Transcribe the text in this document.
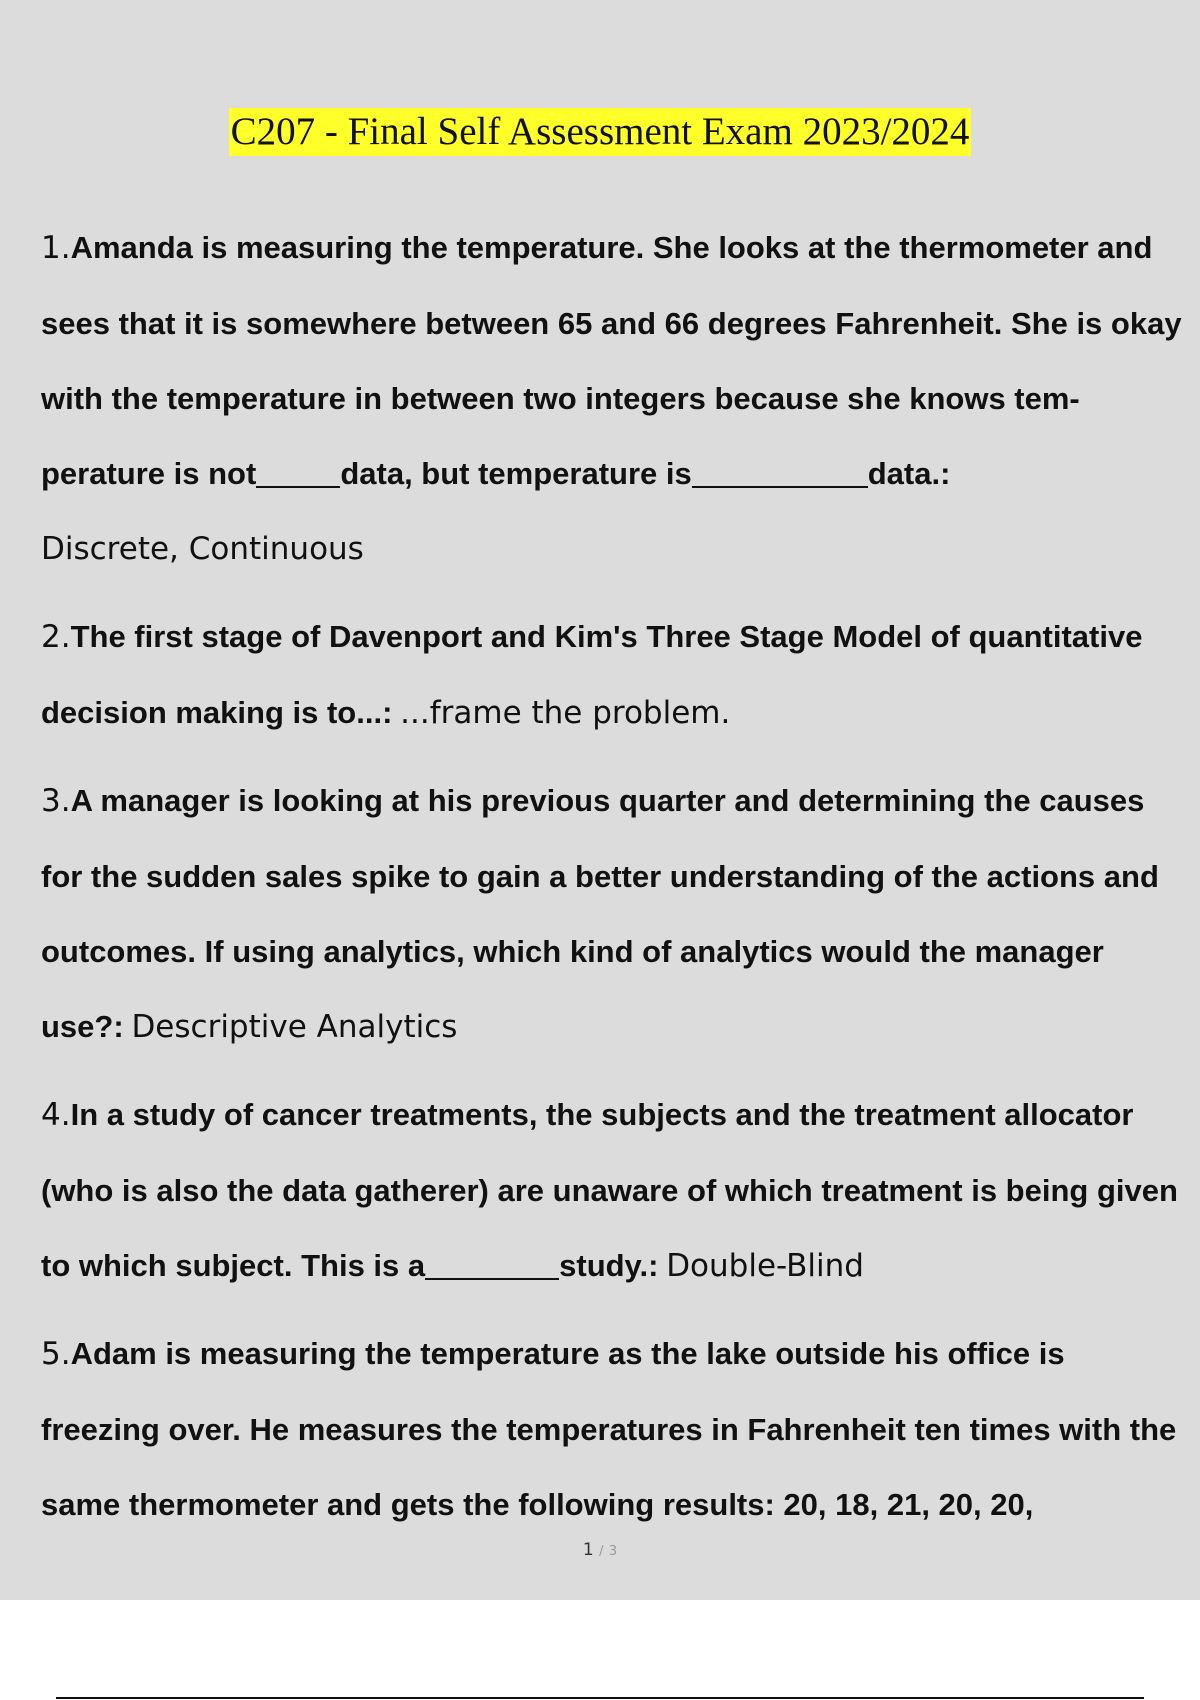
C207 - Final Self Assessment Exam 2023/2024
1.Amanda is measuring the temperature. She looks at the thermometer and sees that it is somewhere between 65 and 66 degrees Fahrenheit. She is okay with the temperature in between two integers because she knows tem- perature is not	data, but temperature is	data.:
Discrete, Continuous
2.The first stage of Davenport and Kim's Three Stage Model of quantitative decision making is to...: ...frame the problem.
3.A manager is looking at his previous quarter and determining the causes for the sudden sales spike to gain a better understanding of the actions and outcomes. If using analytics, which kind of analytics would the manager use?: Descriptive Analytics
4.In a study of cancer treatments, the subjects and the treatment allocator (who is also the data gatherer) are unaware of which treatment is being given to which subject. This is a	study.: Double-Blind
5.Adam is measuring the temperature as the lake outside his office is freezing over. He measures the temperatures in Fahrenheit ten times with the same thermometer and gets the following results: 20, 18, 21, 20, 20,
1 / 3
